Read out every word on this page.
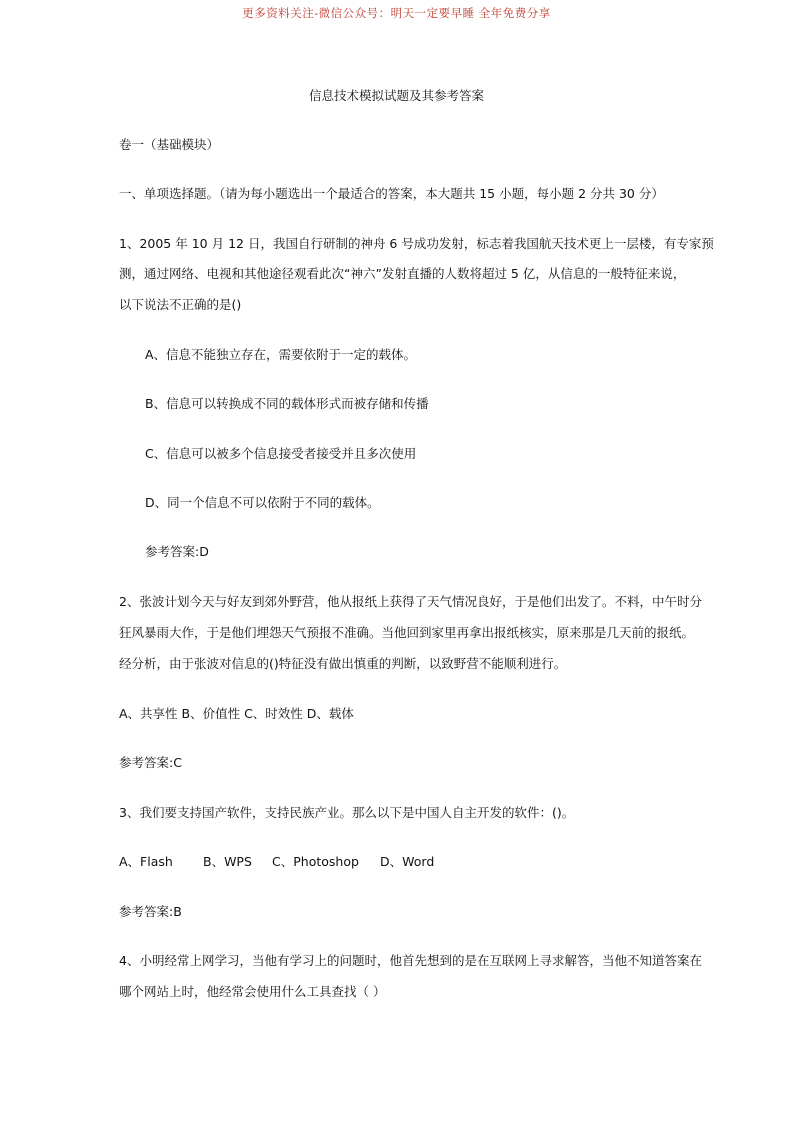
更多资料关注-微信公众号：明天一定要早睡 全年免费分享
信息技术模拟试题及其参考答案
卷一（基础模块）
一、单项选择题。（请为每小题选出一个最适合的答案，本大题共 15 小题，每小题 2 分共 30 分）
1、2005 年 10 月 12 日，我国自行研制的神舟 6 号成功发射，标志着我国航天技术更上一层楼，有专家预
测，通过网络、电视和其他途径观看此次“神六”发射直播的人数将超过 5 亿，从信息的一般特征来说，
以下说法不正确的是()
A、信息不能独立存在，需要依附于一定的载体。
B、信息可以转换成不同的载体形式而被存储和传播
C、信息可以被多个信息接受者接受并且多次使用
D、同一个信息不可以依附于不同的载体。
参考答案:D
2、张波计划今天与好友到郊外野营，他从报纸上获得了天气情况良好，于是他们出发了。不料，中午时分
狂风暴雨大作，于是他们埋怨天气预报不准确。当他回到家里再拿出报纸核实，原来那是几天前的报纸。
经分析，由于张波对信息的()特征没有做出慎重的判断，以致野营不能顺利进行。
A、共享性 B、价值性 C、时效性 D、载体
参考答案:C
3、我们要支持国产软件，支持民族产业。那么以下是中国人自主开发的软件：()。
A、Flash B、WPS C、Photoshop D、Word
参考答案:B
4、小明经常上网学习，当他有学习上的问题时，他首先想到的是在互联网上寻求解答，当他不知道答案在
哪个网站上时，他经常会使用什么工具查找（ ）
